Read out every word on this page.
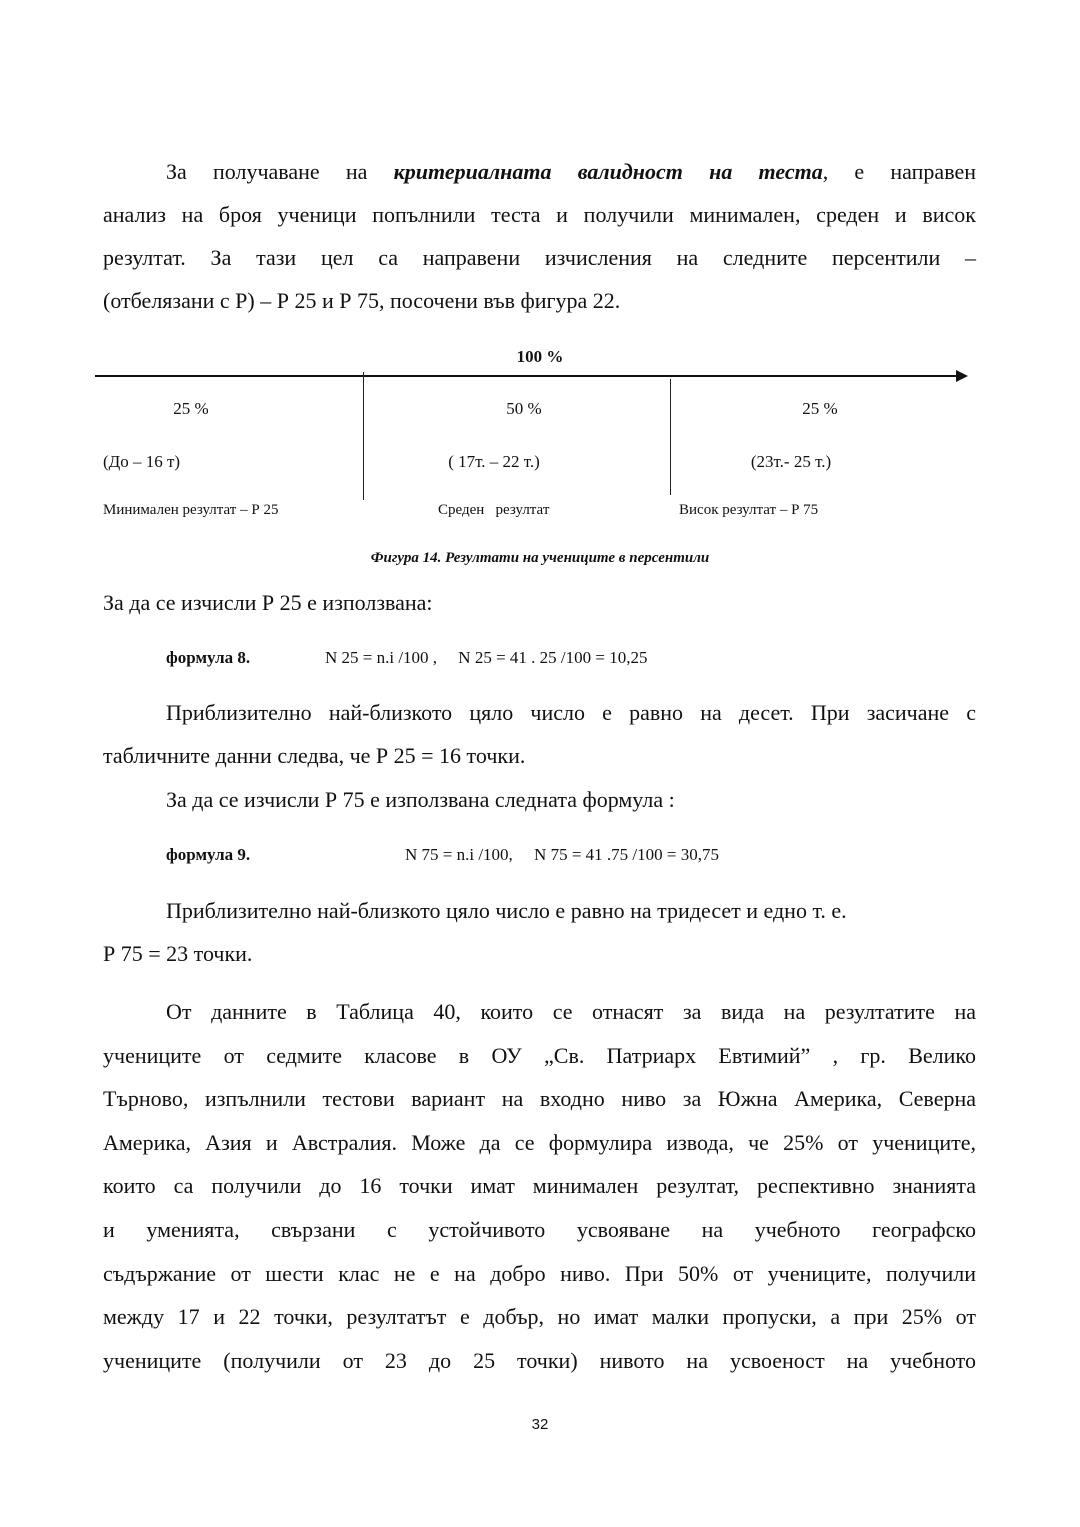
За получаване на критериалната валидност на теста, е направен
анализ на броя ученици попълнили теста и получили минимален, среден и висок
резултат. За тази цел са направени изчисления на следните персентили –
(отбелязани с Р) – Р 25 и Р 75, посочени във фигура 22.
100 %
25 %	50 %	25 %
(До – 16 т)	( 17т. – 22 т.)	(23т.- 25 т.)
Минимален резултат – Р 25	Среден   резултат	Висок резултат – Р 75
Фигура 14. Резултати на учениците в персентили
За да се изчисли Р 25 е използвана:
формула 8.	N 25 = n.i /100 ,     N 25 = 41 . 25 /100 = 10,25
Приблизително най-близкото цяло число е равно на десет. При засичане с
табличните данни следва, че Р 25 = 16 точки.
За да се изчисли Р 75 е използвана следната формула :
формула 9.	N 75 = n.i /100,     N 75 = 41 .75 /100 = 30,75
Приблизително най-близкото цяло число е равно на тридесет и едно т. е.
Р 75 = 23 точки.
От данните в Таблица 40, които се отнасят за вида на резултатите на
учениците от седмите класове в ОУ „Св. Патриарх Евтимий” , гр. Велико
Търново, изпълнили тестови вариант на входно ниво за Южна Америка, Северна
Америка, Азия и Австралия. Може да се формулира извода, че 25% от учениците,
които са получили до 16 точки имат минимален резултат, респективно знанията
и уменията, свързани с устойчивото усвояване на учебното географско
съдържание от шести клас не е на добро ниво. При 50% от учениците, получили
между 17 и 22 точки, резултатът е добър, но имат малки пропуски, а при 25% от
учениците (получили от 23 до 25 точки) нивото на усвоеност на учебното
32
